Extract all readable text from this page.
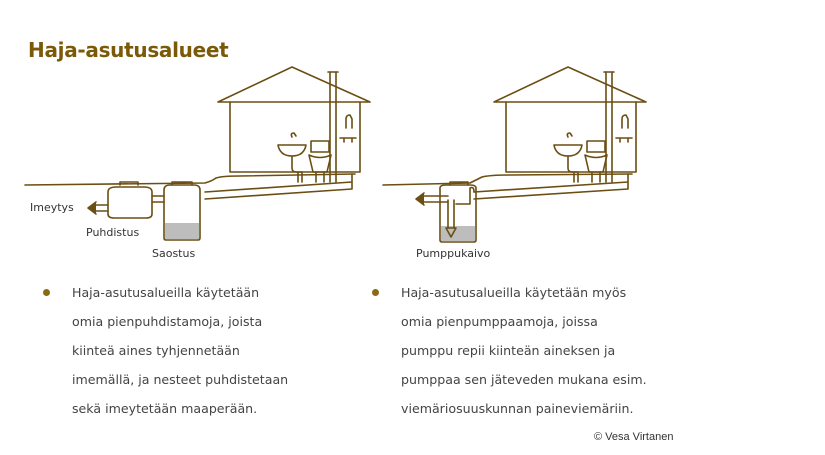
Haja-asutusalueet
Imeytys
Puhdistus
Saostus	Pumppukaivo
Haja-asutusalueilla käytetään
omia pienpuhdistamoja, joista
kiinteä aines tyhjennetään
imemällä, ja nesteet puhdistetaan
sekä imeytetään maaperään.
Haja-asutusalueilla käytetään myös
omia pienpumppaamoja, joissa
pumppu repii kiinteän aineksen ja
pumppaa sen jäteveden mukana esim.
viemäriosuuskunnan paineviemäriin.
© Vesa Virtanen
